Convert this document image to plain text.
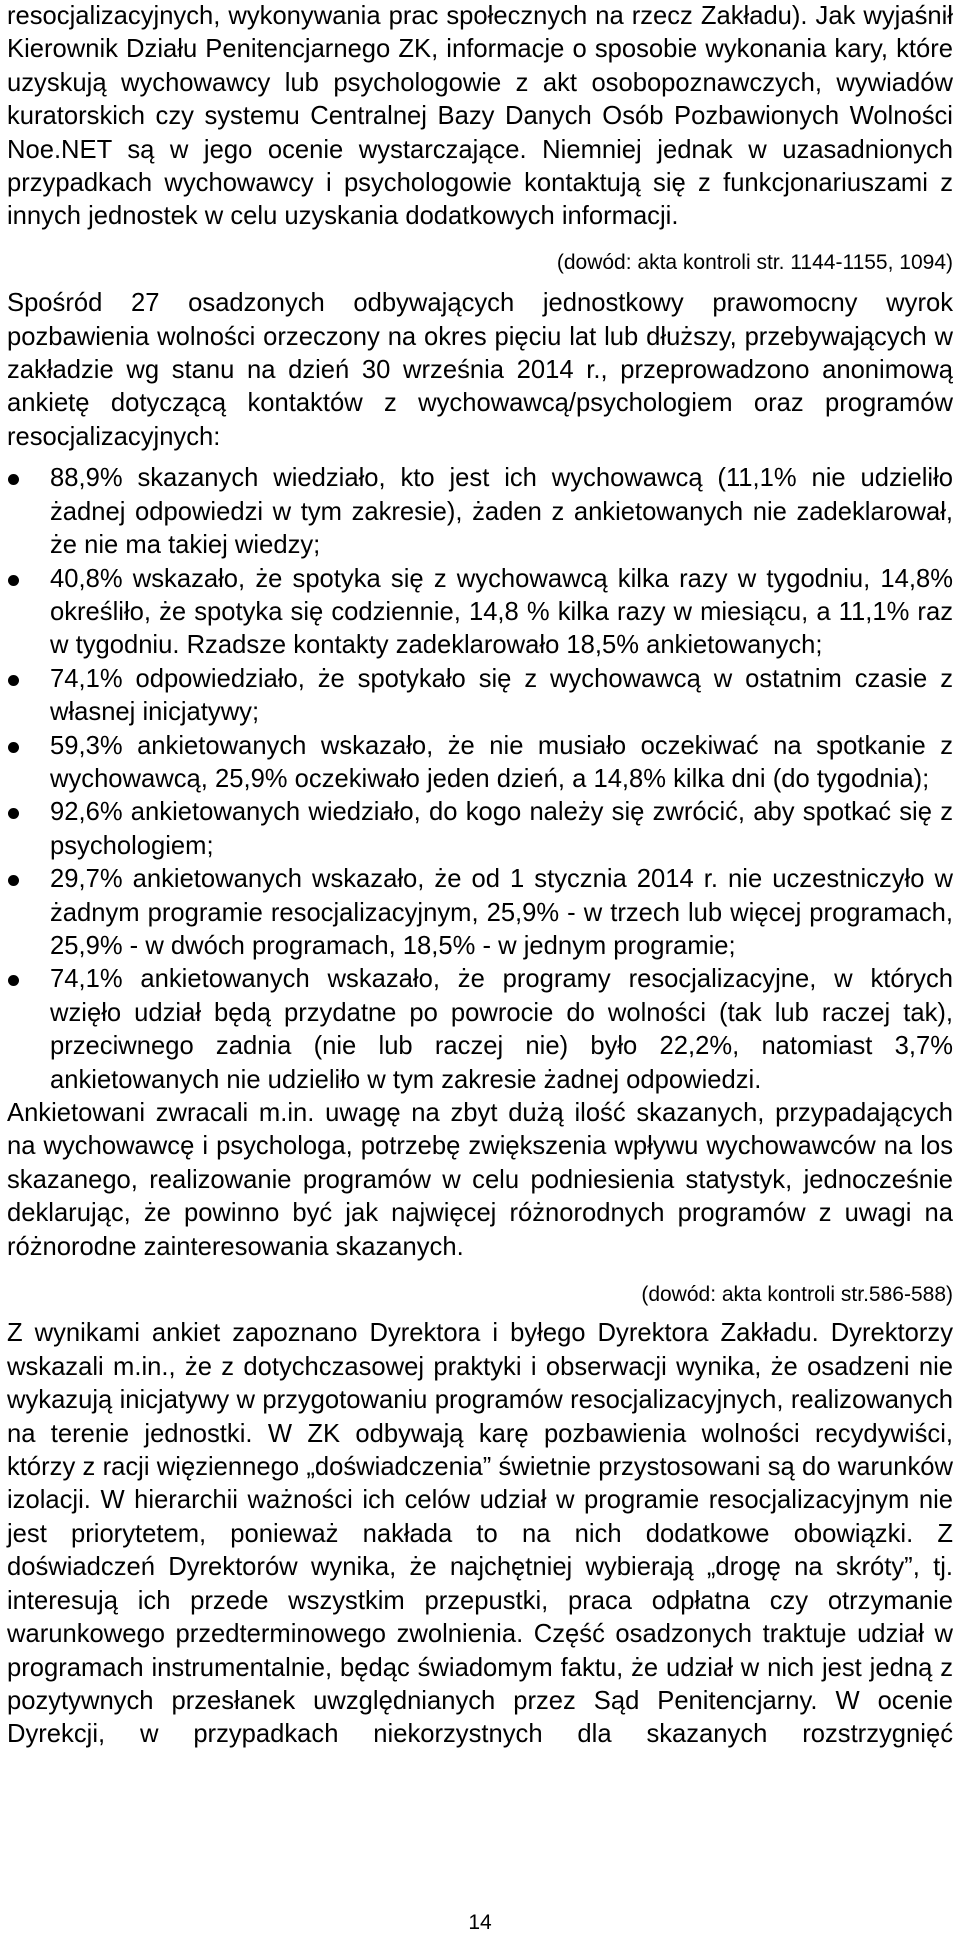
resocjalizacyjnych, wykonywania prac społecznych na rzecz Zakładu). Jak wyjaśnił Kierownik Działu Penitencjarnego ZK, informacje o sposobie wykonania kary, które uzyskują wychowawcy lub psychologowie z akt osobopoznawczych, wywiadów kuratorskich czy systemu Centralnej Bazy Danych Osób Pozbawionych Wolności Noe.NET są w jego ocenie wystarczające. Niemniej jednak w uzasadnionych przypadkach wychowawcy i psychologowie kontaktują się z funkcjonariuszami z innych jednostek w celu uzyskania dodatkowych informacji.

(dowód: akta kontroli str. 1144-1155, 1094)

Spośród 27 osadzonych odbywających jednostkowy prawomocny wyrok pozbawienia wolności orzeczony na okres pięciu lat lub dłuższy, przebywających w zakładzie wg stanu na dzień 30 września 2014 r., przeprowadzono anonimową ankietę dotyczącą kontaktów z wychowawcą/psychologiem oraz programów resocjalizacyjnych:

88,9% skazanych wiedziało, kto jest ich wychowawcą (11,1% nie udzieliło żadnej odpowiedzi w tym zakresie), żaden z ankietowanych nie zadeklarował, że nie ma takiej wiedzy;
40,8% wskazało, że spotyka się z wychowawcą kilka razy w tygodniu, 14,8% określiło, że spotyka się codziennie, 14,8 % kilka razy w miesiącu, a 11,1% raz w tygodniu. Rzadsze kontakty zadeklarowało 18,5% ankietowanych;
74,1% odpowiedziało, że spotykało się z wychowawcą w ostatnim czasie z własnej inicjatywy;
59,3% ankietowanych wskazało, że nie musiało oczekiwać na spotkanie z wychowawcą, 25,9% oczekiwało jeden dzień, a 14,8% kilka dni (do tygodnia);
92,6% ankietowanych wiedziało, do kogo należy się zwrócić, aby spotkać się z psychologiem;
29,7% ankietowanych wskazało, że od 1 stycznia 2014 r. nie uczestniczyło w żadnym programie resocjalizacyjnym, 25,9% - w trzech lub więcej programach, 25,9% - w dwóch programach, 18,5% - w jednym programie;
74,1% ankietowanych wskazało, że programy resocjalizacyjne, w których wzięło udział będą przydatne po powrocie do wolności (tak lub raczej tak), przeciwnego zadnia (nie lub raczej nie) było 22,2%, natomiast 3,7% ankietowanych nie udzieliło w tym zakresie żadnej odpowiedzi.

Ankietowani zwracali m.in. uwagę na zbyt dużą ilość skazanych, przypadających na wychowawcę i psychologa, potrzebę zwiększenia wpływu wychowawców na los skazanego, realizowanie programów w celu podniesienia statystyk, jednocześnie deklarując, że powinno być jak najwięcej różnorodnych programów z uwagi na różnorodne zainteresowania skazanych.

(dowód: akta kontroli str.586-588)

Z wynikami ankiet zapoznano Dyrektora i byłego Dyrektora Zakładu. Dyrektorzy wskazali m.in., że z dotychczasowej praktyki i obserwacji wynika, że osadzeni nie wykazują inicjatywy w przygotowaniu programów resocjalizacyjnych, realizowanych na terenie jednostki. W ZK odbywają karę pozbawienia wolności recydywiści, którzy z racji więziennego „doświadczenia” świetnie przystosowani są do warunków izolacji. W hierarchii ważności ich celów udział w programie resocjalizacyjnym nie jest priorytetem, ponieważ nakłada to na nich dodatkowe obowiązki. Z doświadczeń Dyrektorów wynika, że najchętniej wybierają „drogę na skróty”, tj. interesują ich przede wszystkim przepustki, praca odpłatna czy otrzymanie warunkowego przedterminowego zwolnienia. Część osadzonych traktuje udział w programach instrumentalnie, będąc świadomym faktu, że udział w nich jest jedną z pozytywnych przesłanek uwzględnianych przez Sąd Penitencjarny. W ocenie Dyrekcji, w przypadkach niekorzystnych dla skazanych rozstrzygnięć

14
